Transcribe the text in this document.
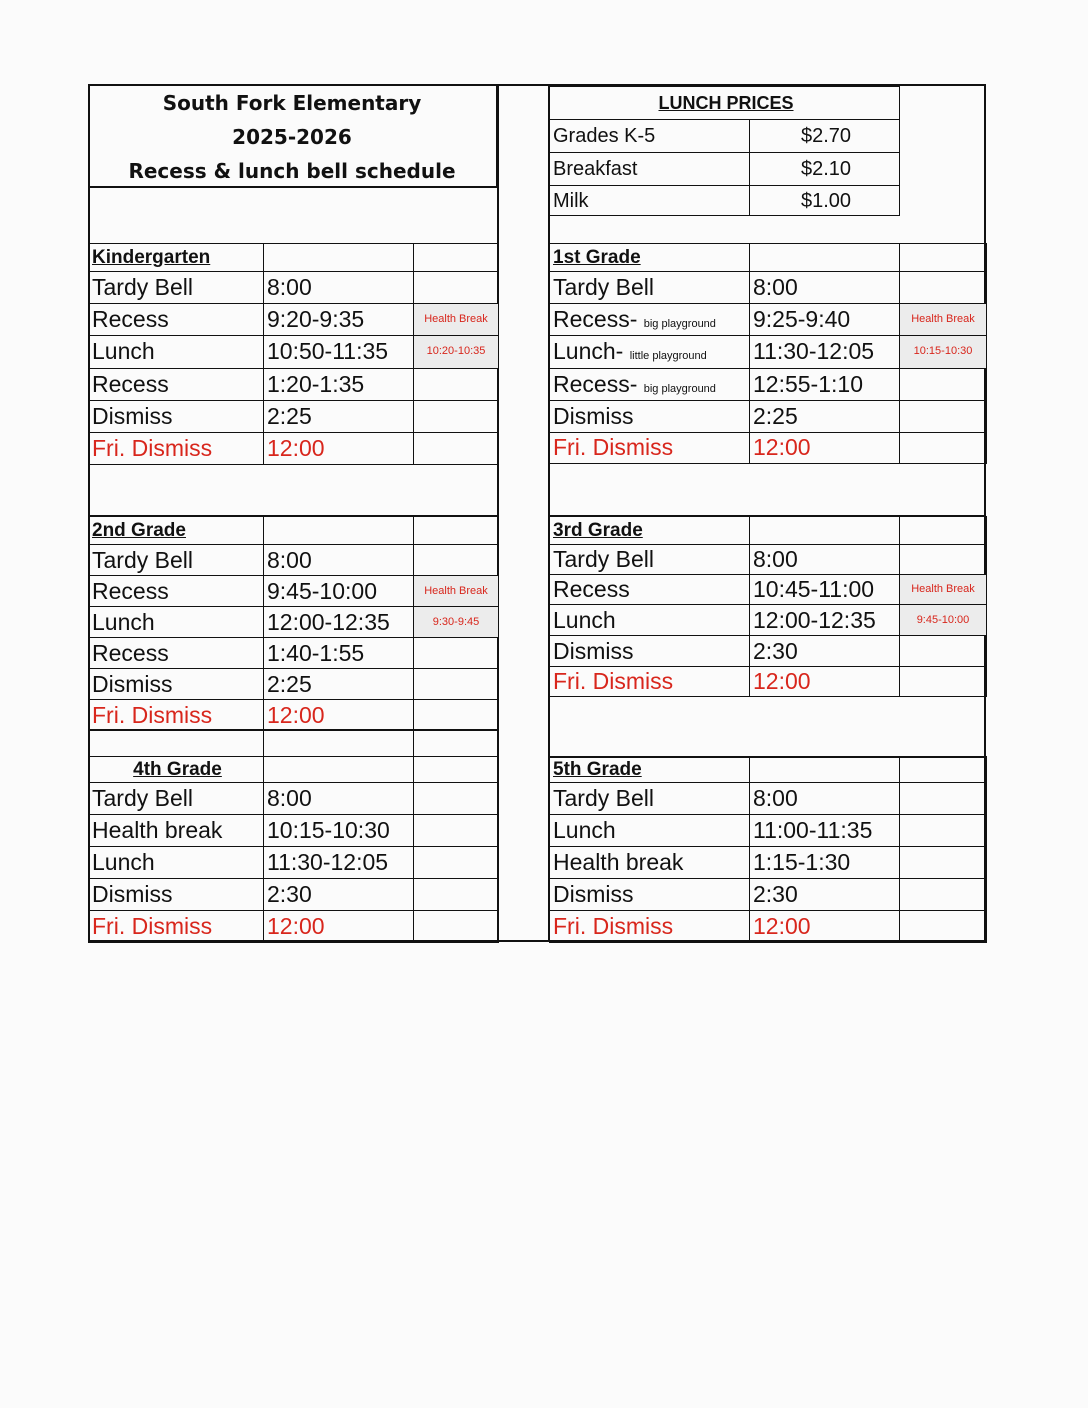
South Fork Elementary
2025-2026
Recess & lunch bell schedule
LUNCH PRICES	
Grades K-5	$2.70
Breakfast	$2.10
Milk	$1.00
Kindergarten		
Tardy Bell	8:00	
Recess	9:20-9:35	Health Break
Lunch	10:50-11:35	10:20-10:35
Recess	1:20-1:35	
Dismiss	2:25	
Fri. Dismiss	12:00	
1st Grade		
Tardy Bell	8:00	
Recess- big playground	9:25-9:40	Health Break
Lunch- little playground	11:30-12:05	10:15-10:30
Recess- big playground	12:55-1:10	
Dismiss	2:25	
Fri. Dismiss	12:00	
2nd Grade		
Tardy Bell	8:00	
Recess	9:45-10:00	Health Break
Lunch	12:00-12:35	9:30-9:45
Recess	1:40-1:55	
Dismiss	2:25	
Fri. Dismiss	12:00	

3rd Grade		
Tardy Bell	8:00	
Recess	10:45-11:00	Health Break
Lunch	12:00-12:35	9:45-10:00
Dismiss	2:30	
Fri. Dismiss	12:00	
4th Grade		
Tardy Bell	8:00	
Health break	10:15-10:30	
Lunch	11:30-12:05	
Dismiss	2:30	
Fri. Dismiss	12:00	
5th Grade		
Tardy Bell	8:00	
Lunch	11:00-11:35	
Health break	1:15-1:30	
Dismiss	2:30	
Fri. Dismiss	12:00	
